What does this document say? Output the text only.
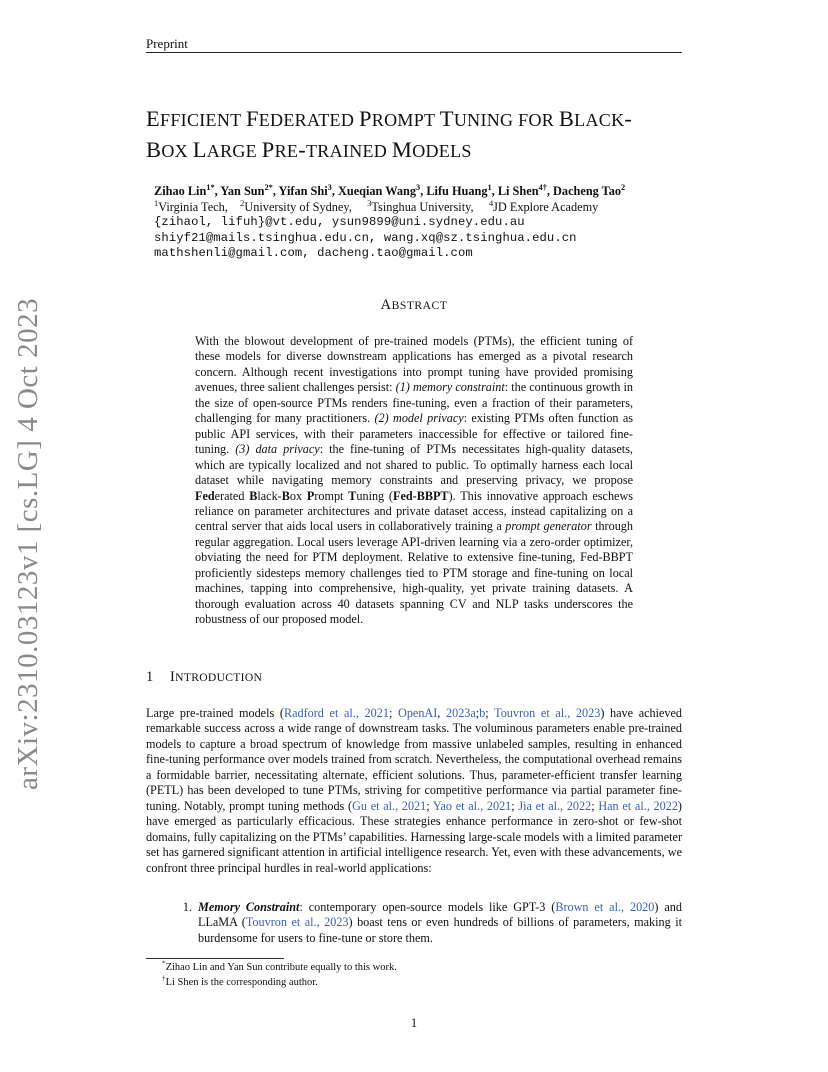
Preprint
arXiv:2310.03123v1 [cs.LG] 4 Oct 2023
EFFICIENT FEDERATED PROMPT TUNING FOR BLACK-
BOX LARGE PRE-TRAINED MODELS
Zihao Lin$^{1*}$, Yan Sun$^{2*}$, Yifan Shi$^3$, Xueqian Wang$^3$, Lifu Huang$^1$, Li Shen$^{4\dagger}$, Dacheng Tao$^2$
$^1$Virginia Tech, $^2$University of Sydney, $^3$Tsinghua University, $^4$JD Explore Academy
{zihaol, lifuh}@vt.edu, ysun9899@uni.sydney.edu.au
shiyf21@mails.tsinghua.edu.cn, wang.xq@sz.tsinghua.edu.cn
mathshenli@gmail.com, dacheng.tao@gmail.com
ABSTRACT
With the blowout development of pre-trained models (PTMs), the efficient tuning of these models for diverse downstream applications has emerged as a pivotal research concern. Although recent investigations into prompt tuning have provided promising avenues, three salient challenges persist: (1) memory constraint: the continuous growth in the size of open-source PTMs renders fine-tuning, even a fraction of their parameters, challenging for many practitioners. (2) model privacy: existing PTMs often function as public API services, with their parameters inaccessible for effective or tailored fine-tuning. (3) data privacy: the fine-tuning of PTMs necessitates high-quality datasets, which are typically localized and not shared to public. To optimally harness each local dataset while navigating memory constraints and preserving privacy, we propose Federated Black-Box Prompt Tuning (Fed-BBPT). This innovative approach eschews reliance on parameter architectures and private dataset access, instead capitalizing on a central server that aids local users in collaboratively training a prompt generator through regular aggregation. Local users leverage API-driven learning via a zero-order optimizer, obviating the need for PTM deployment. Relative to extensive fine-tuning, Fed-BBPT proficiently sidesteps memory challenges tied to PTM storage and fine-tuning on local machines, tapping into comprehensive, high-quality, yet private training datasets. A thorough evaluation across 40 datasets spanning CV and NLP tasks underscores the robustness of our proposed model.
1 INTRODUCTION
Large pre-trained models (Radford et al., 2021; OpenAI, 2023a;b; Touvron et al., 2023) have achieved remarkable success across a wide range of downstream tasks. The voluminous parameters enable pre-trained models to capture a broad spectrum of knowledge from massive unlabeled samples, resulting in enhanced fine-tuning performance over models trained from scratch. Nevertheless, the computational overhead remains a formidable barrier, necessitating alternate, efficient solutions. Thus, parameter-efficient transfer learning (PETL) has been developed to tune PTMs, striving for competitive performance via partial parameter fine-tuning. Notably, prompt tuning methods (Gu et al., 2021; Yao et al., 2021; Jia et al., 2022; Han et al., 2022) have emerged as particularly efficacious. These strategies enhance performance in zero-shot or few-shot domains, fully capitalizing on the PTMs’ capabilities. Harnessing large-scale models with a limited parameter set has garnered significant attention in artificial intelligence research. Yet, even with these advancements, we confront three principal hurdles in real-world applications:
1. Memory Constraint: contemporary open-source models like GPT-3 (Brown et al., 2020) and LLaMA (Touvron et al., 2023) boast tens or even hundreds of billions of parameters, making it burdensome for users to fine-tune or store them.
*Zihao Lin and Yan Sun contribute equally to this work.
†Li Shen is the corresponding author.
1
